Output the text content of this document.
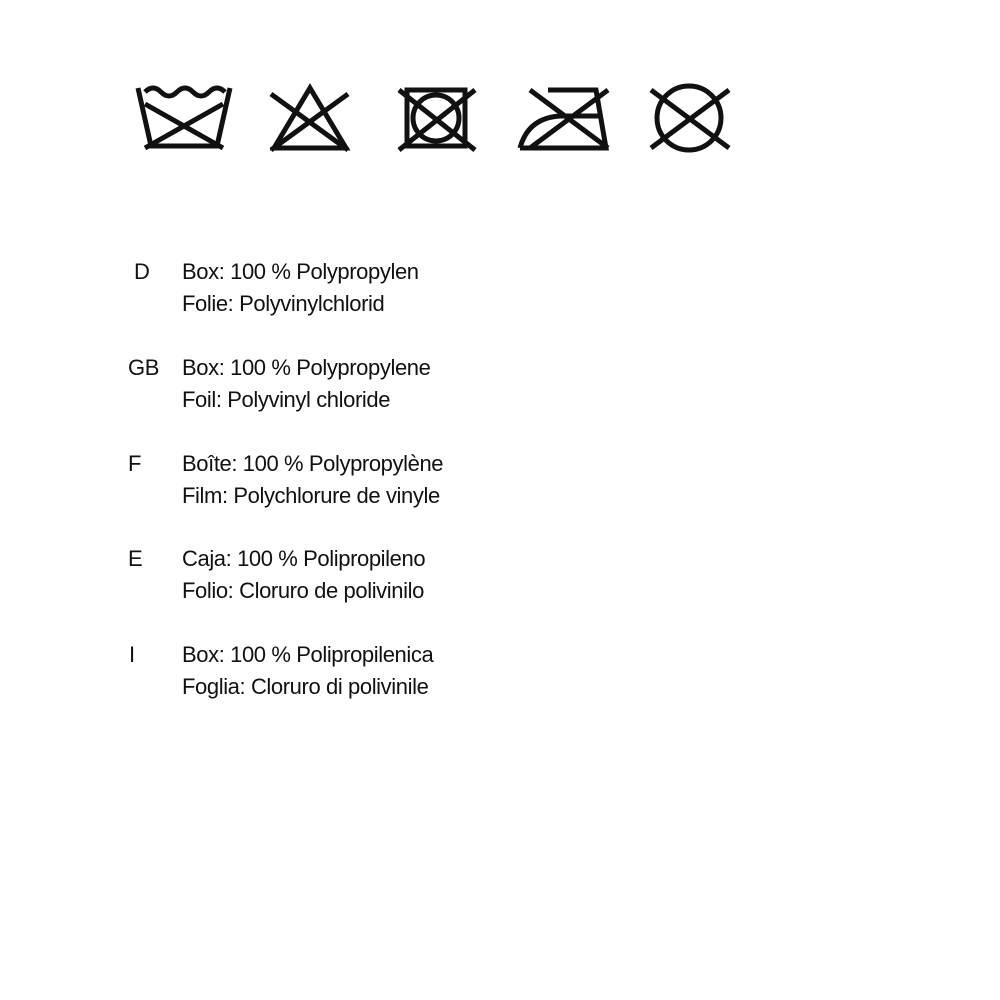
D	Box: 100 % Polypropylen
Folie: Polyvinylchlorid
GB	Box: 100 % Polypropylene
Foil: Polyvinyl chloride
F	Boîte: 100 % Polypropylène
Film: Polychlorure de vinyle
E	Caja: 100 % Polipropileno
Folio: Cloruro de polivinilo
I	Box: 100 % Polipropilenica
Foglia: Cloruro di polivinile
